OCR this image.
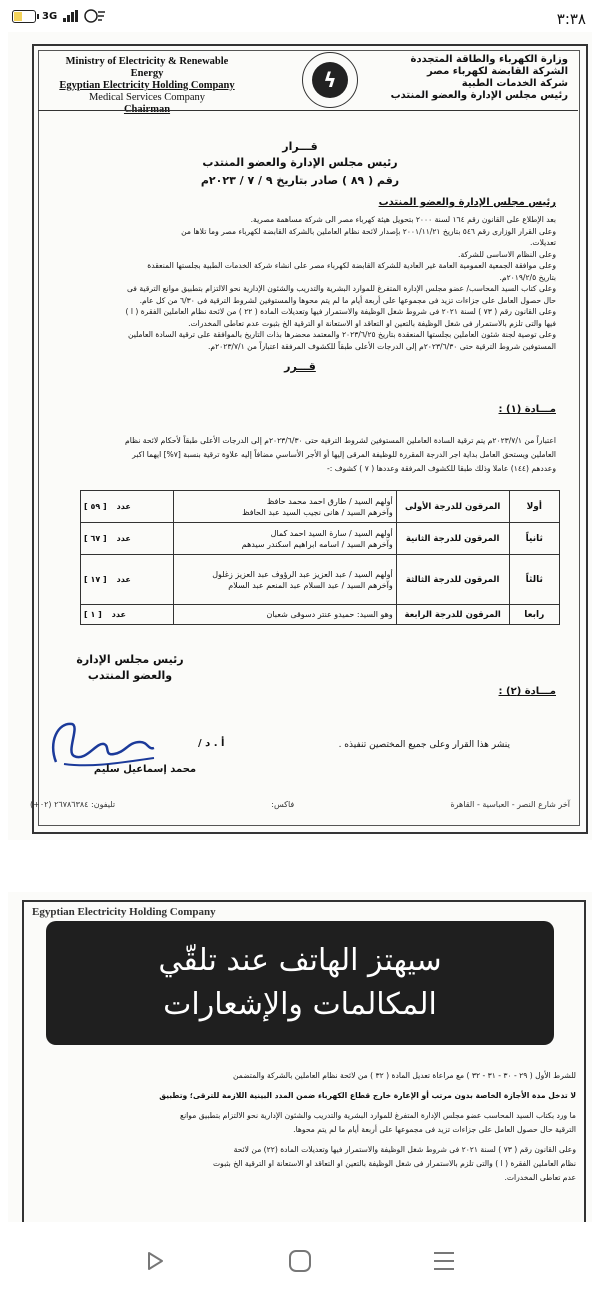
3G	٣:٣٨
Ministry of Electricity & Renewable Energy
Egyptian Electricity Holding Company
Medical Services Company
Chairman
ϟ
وزارة الكهرباء والطاقة المتجددة
الشركة القابضة لكهرباء مصر
شركة الخدمات الطبية
رئيس مجلس الإدارة والعضو المنتدب
قـــرار
رئيس مجلس الإدارة والعضو المنتدب
رقم ( ٨٩ ) صادر بتاريخ ٩ / ٧ / ٢٠٢٣م
رئيس مجلس الإدارة والعضو المنتدب
بعد الإطلاع على القانون رقم ١٦٤ لسنة ٢٠٠٠ بتحويل هيئة كهرباء مصر الى شركة مساهمة مصرية.
وعلى القرار الوزارى رقم ٥٤٦ بتاريخ ٢٠٠١/١١/٢١ بإصدار لائحة نظام العاملين بالشركة القابضة لكهرباء مصر وما تلاها من
تعديلات.
وعلى النظام الاساسى للشركة.
وعلى موافقة الجمعية العمومية العامة غير العادية للشركة القابضة لكهرباء مصر على انشاء شركة الخدمات الطبية بجلستها المنعقدة
بتاريخ ٢٠١٩/٢/٥م.
وعلى كتاب السيد المحاسب/ عضو مجلس الإدارة المتفرغ للموارد البشرية والتدريب والشئون الإدارية نحو الالتزام بتطبيق موانع الترقية فى
حال حصول العامل على جزاءات تزيد فى مجموعها على أربعة أيام ما لم يتم محوها والمستوفين لشروط الترقية فى ٦/٣٠ من كل عام.
وعلى القانون رقم ( ٧٣ ) لسنة ٢٠٢١ فى شروط شغل الوظيفة والاستمرار فيها وتعديلات المادة ( ٢٢ ) من لائحة نظام العاملين الفقرة ( ا )
فيها والتى تلزم بالاستمرار فى شغل الوظيفة بالتعين او التعاقد او الاستعانة او الترقية الخ بثبوت عدم تعاطى المخدرات.
وعلى توصية لجنة شئون العاملين بجلستها المنعقدة بتاريخ ٢٠٢٣/٦/٢٥ والمعتمد محضرها بذات التاريخ بالموافقة على ترقية السادة العاملين
المستوفين شروط الترقية حتى ٢٠٢٣/٦/٣٠م إلى الدرجات الأعلى طبقاً للكشوف المرفقة اعتباراً من ٢٠٢٣/٧/١م.
قـــرر
مـــادة (١) :
اعتباراً من ٢٠٢٣/٧/١م يتم ترقية السادة العاملين المستوفين لشروط الترقية حتى ٢٠٢٣/٦/٣٠م إلى الدرجات الأعلى طبقاً لأحكام لائحة نظام
العاملين ويستحق العامل بداية اجر الدرجة المقررة للوظيفة المرقى إليها أو الأجر الأساسي مضافاً إليه علاوة ترقية بنسبة [٧%] ايهما اكبر
وعددهم (١٤٤) عاملا وذلك طبقا للكشوف المرفقة وعددها ( ٧ ) كشوف :-
أولا	المرقون للدرجة الأولى	أولهم السيد / طارق احمد محمد حافظ
وآخرهم السيد / هانى نجيب السيد عبد الحافظ	عدد[ ٥٩ ]
ثانياً	المرقون للدرجة الثانية	أولهم السيد / سارة السيد احمد كمال
وآخرهم السيد / اسامه ابراهيم اسكندر سيدهم	عدد[ ٦٧ ]
ثالثاً	المرقون للدرجة الثالثة	أولهم السيد / عبد العزيز عبد الرؤوف عبد العزيز زغلول
وآخرهم السيد / عبد السلام عبد المنعم عبد السلام	عدد[ ١٧ ]
رابعا	المرقون للدرجة الرابعة	وهو السيد: حميدو عنتر دسوقى شعبان	عدد[ ١ ]
مـــادة (٢) :
ينشر هذا القرار وعلى جميع المختصين تنفيذه .
رئيس مجلس الإدارة
والعضو المنتدب
أ . د /
محمد إسماعيل سليم
آخر شارع النصر - العباسية - القاهرة
فاكس:
تليفون: ٢٦٧٨٦٣٨٤ (٠٢+)
Egyptian Electricity Holding Company
للشرط الأول ( ٢٩ - ٣٠ - ٣١ - ٣٢ ) مع مراعاة تعديل المادة ( ٣٢ ) من لائحة نظام العاملين بالشركة والمتضمن
لا تدخل مدة الأجازة الخاصة بدون مرتب أو الإعارة خارج قطاع الكهرباء ضمن المدد البينية اللازمة للترقى؛ وتطبيق
ما ورد بكتاب السيد المحاسب عضو مجلس الإدارة المتفرغ للموارد البشرية والتدريب والشئون الإدارية نحو الالتزام بتطبيق موانع
الترقية حال حصول العامل على جزاءات تزيد فى مجموعها على أربعة أيام ما لم يتم محوها.
وعلى القانون رقم ( ٧٣ ) لسنة ٢٠٢١ فى شروط شغل الوظيفة والاستمرار فيها وتعديلات المادة (٢٢) من لائحة
نظام العاملين الفقرة ( ا ) والتى تلزم بالاستمرار فى شغل الوظيفة بالتعين او التعاقد او الاستعانة او الترقية الخ بثبوت
عدم تعاطى المخدرات.
سيهتز الهاتف عند تلقّي
المكالمات والإشعارات
